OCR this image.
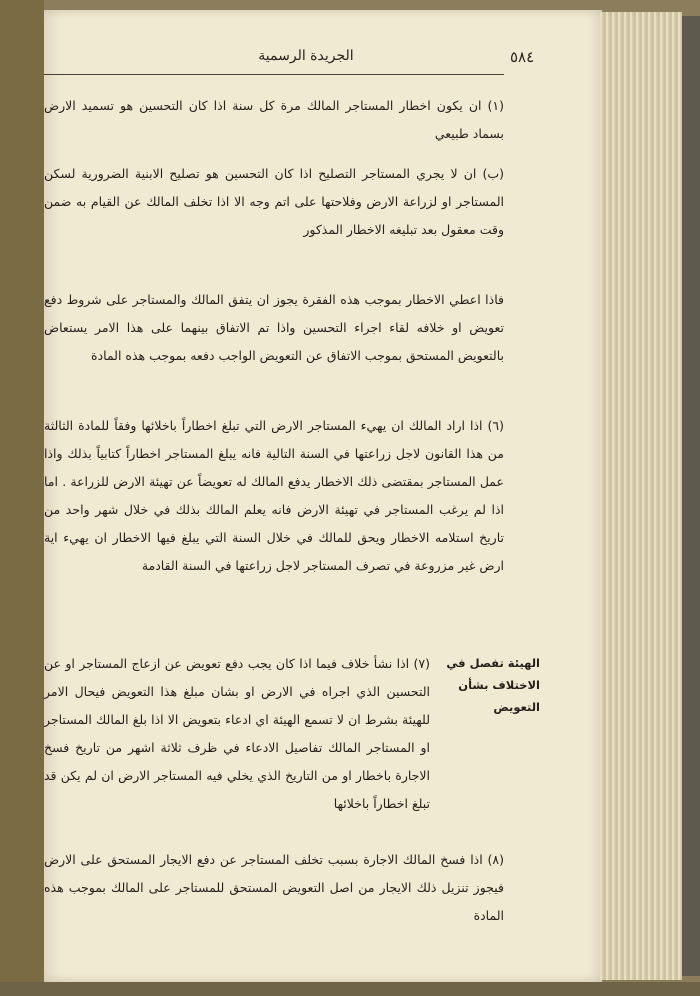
الجريدة الرسمية	٥٨٤

(١) ان يكون اخطار المستاجر المالك مرة كل سنة اذا كان التحسين هو تسميد الارض بسماد طبيعي

(ب) ان لا يجري المستاجر التصليح اذا كان التحسين هو تصليح الابنية الضرورية لسكن المستاجر او لزراعة الارض وفلاحتها على اتم وجه الا اذا تخلف المالك عن القيام به ضمن وقت معقول بعد تبليغه الاخطار المذكور

فاذا اعطي الاخطار بموجب هذه الفقرة يجوز ان يتفق المالك والمستاجر على شروط دفع تعويض او خلافه لقاء اجراء التحسين واذا تم الاتفاق بينهما على هذا الامر يستعاض بالتعويض المستحق بموجب الاتفاق عن التعويض الواجب دفعه بموجب هذه المادة

(٦) اذا اراد المالك ان يهيء المستاجر الارض التي تبلغ اخطاراً باخلائها وفقاً للمادة الثالثة من هذا القانون لاجل زراعتها في السنة التالية فانه يبلغ المستاجر اخطاراً كتابياً بذلك واذا عمل المستاجر بمقتضى ذلك الاخطار يدفع المالك له تعويضاً عن تهيئة الارض للزراعة . اما اذا لم يرغب المستاجر في تهيئة الارض فانه يعلم المالك بذلك في خلال شهر واحد من تاريخ استلامه الاخطار ويحق للمالك في خلال السنة التي يبلغ فيها الاخطار ان يهيء اية ارض غير مزروعة في تصرف المستاجر لاجل زراعتها في السنة القادمة

(٧) اذا نشأ خلاف فيما اذا كان يجب دفع تعويض عن ازعاج المستاجر او عن التحسين الذي اجراه في الارض او بشان مبلغ هذا التعويض فيحال الامر للهيئة بشرط ان لا تسمع الهيئة اي ادعاء بتعويض الا اذا بلغ المالك المستاجر او المستاجر المالك تفاصيل الادعاء في ظرف ثلاثة اشهر من تاريخ فسخ الاجارة باخطار او من التاريخ الذي يخلي فيه المستاجر الارض ان لم يكن قد تبلغ اخطاراً باخلائها

الهيئة تفصل في الاختلاف بشأن التعويض

(٨) اذا فسخ المالك الاجارة بسبب تخلف المستاجر عن دفع الايجار المستحق على الارض فيجوز تنزيل ذلك الايجار من اصل التعويض المستحق للمستاجر على المالك بموجب هذه المادة
